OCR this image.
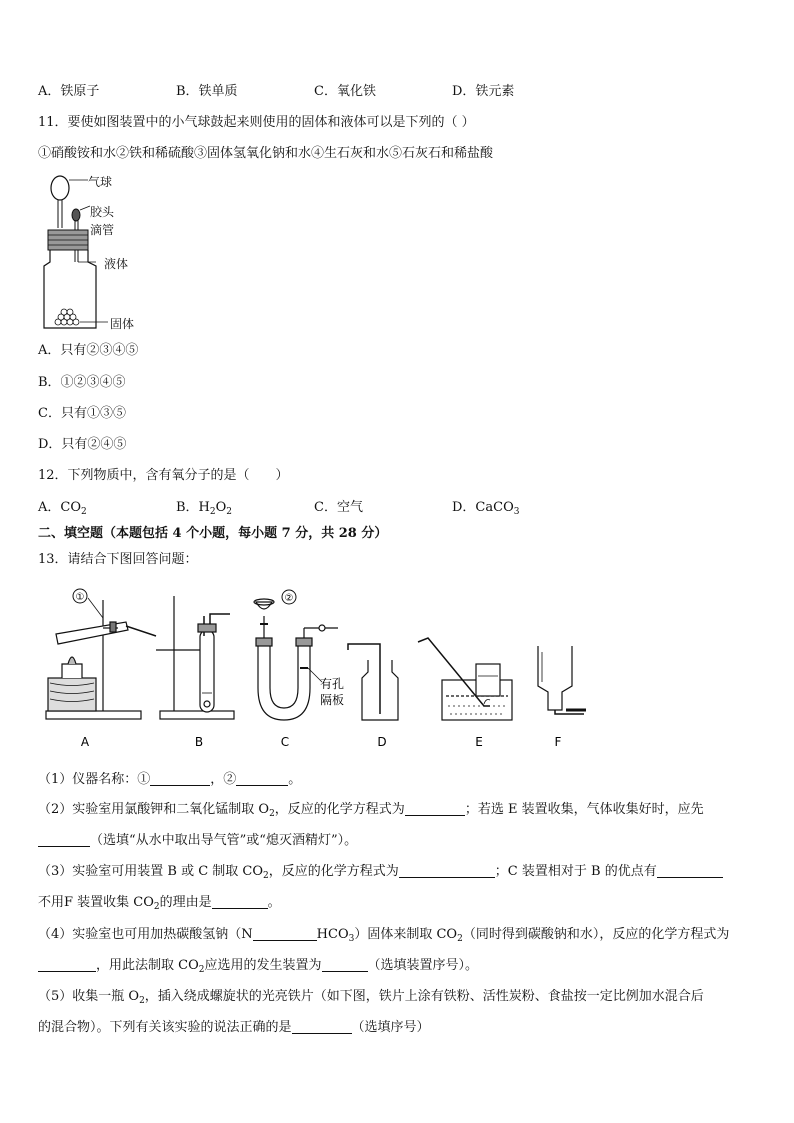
A．铁原子	B．铁单质	C．氧化铁	D．铁元素
11．要使如图装置中的小气球鼓起来则使用的固体和液体可以是下列的（ ）
①硝酸铵和水②铁和稀硫酸③固体氢氧化钠和水④生石灰和水⑤石灰石和稀盐酸
气球
胶头
滴管
液体
固体
A．只有②③④⑤
B．①②③④⑤
C．只有①③⑤
D．只有②④⑤
12．下列物质中，含有氧分子的是（　　）
A．$CO_2$	B．$H_2O_2$	C．空气	D．CaCO$_3$
二、填空题（本题包括 4 个小题，每小题 7 分，共 28 分）
13．请结合下图回答问题：
①	②
有孔
隔板
A	B	C	D	E	F
（1）仪器名称：①	，②	。
（2）实验室用氯酸钾和二氧化锰制取 $O_2$，反应的化学方程式为	；若选 E 装置收集，气体收集好时，应先
（选填“从水中取出导气管”或“熄灭酒精灯”）。
（3）实验室可用装置 B 或 C 制取 $CO_2$，反应的化学方程式为	；C 装置相对于 B 的优点有
不用F 装置收集 $CO_2$的理由是	。
（4）实验室也可用加热碳酸氢钠（N	$HCO_3$）固体来制取 $CO_2$（同时得到碳酸钠和水），反应的化学方程式为
，用此法制取 $CO_2$应选用的发生装置为	（选填装置序号）。
（5）收集一瓶 $O_2$，插入绕成螺旋状的光亮铁片（如下图，铁片上涂有铁粉、活性炭粉、食盐按一定比例加水混合后
的混合物）。下列有关该实验的说法正确的是	（选填序号）
